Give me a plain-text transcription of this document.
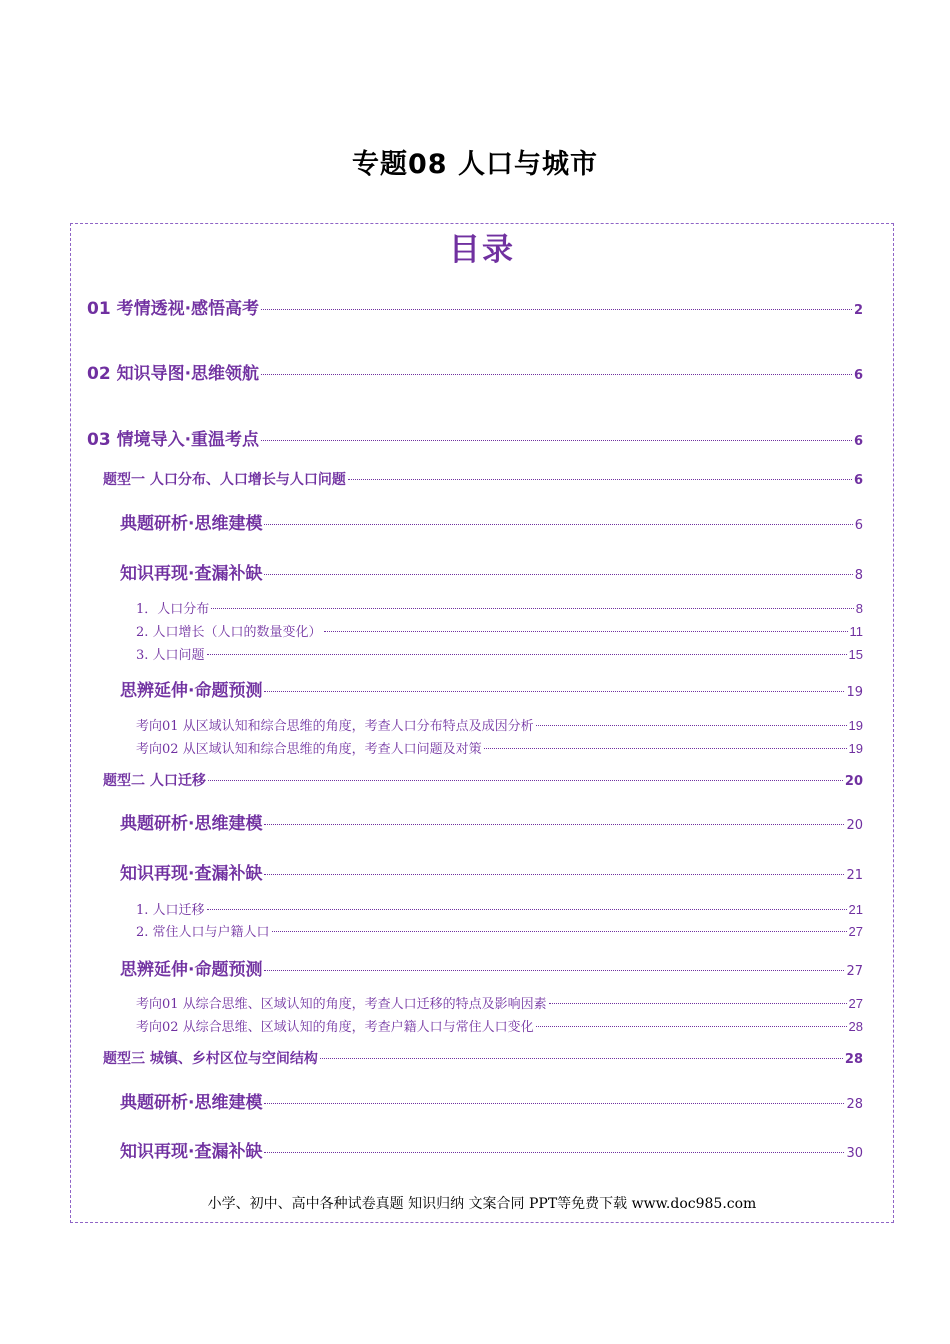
专题08 人口与城市
目录
01 考情透视·感悟高考	2
02 知识导图·思维领航	6
03 情境导入·重温考点	6
题型一 人口分布、人口增长与人口问题	6
典题研析·思维建模	6
知识再现·查漏补缺	8
1．人口分布	8
2. 人口增长（人口的数量变化）	11
3. 人口问题	15
思辨延伸·命题预测	19
考向01 从区域认知和综合思维的角度，考查人口分布特点及成因分析	19
考向02 从区域认知和综合思维的角度，考查人口问题及对策	19
题型二 人口迁移	20
典题研析·思维建模	20
知识再现·查漏补缺	21
1. 人口迁移	21
2. 常住人口与户籍人口	27
思辨延伸·命题预测	27
考向01 从综合思维、区域认知的角度，考查人口迁移的特点及影响因素	27
考向02 从综合思维、区域认知的角度，考查户籍人口与常住人口变化	28
题型三 城镇、乡村区位与空间结构	28
典题研析·思维建模	28
知识再现·查漏补缺	30
小学、初中、高中各种试卷真题 知识归纳 文案合同 PPT等免费下载 www.doc985.com
